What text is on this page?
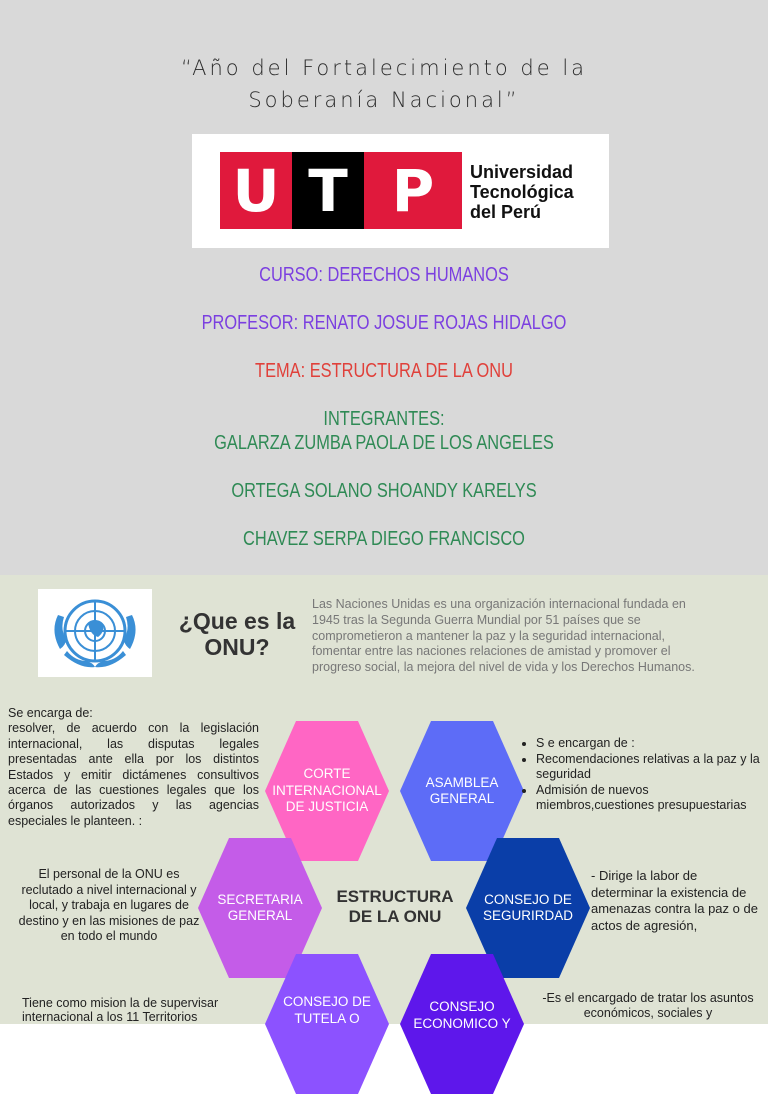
“Año del Fortalecimiento de la Soberanía Nacional”
U T P	Universidad
Tecnológica
del Perú
CURSO: DERECHOS HUMANOS
PROFESOR: RENATO JOSUE ROJAS HIDALGO
TEMA: ESTRUCTURA DE LA ONU
INTEGRANTES:
GALARZA ZUMBA PAOLA DE LOS ANGELES
ORTEGA SOLANO SHOANDY KARELYS
CHAVEZ SERPA DIEGO FRANCISCO
¿Que es la ONU?
Las Naciones Unidas es una organización internacional fundada en 1945 tras la Segunda Guerra Mundial por 51 países que se comprometieron a mantener la paz y la seguridad internacional, fomentar entre las naciones relaciones de amistad y promover el progreso social, la mejora del nivel de vida y los Derechos Humanos.
Se encarga de:
resolver, de acuerdo con la legislación internacional, las disputas legales presentadas ante ella por los distintos Estados y emitir dictámenes consultivos acerca de las cuestiones legales que los órganos autorizados y las agencias especiales le planteen. :
CORTE INTERNACIONAL DE JUSTICIA
ASAMBLEA GENERAL
SECRETARIA GENERAL
CONSEJO DE SEGURIRDAD
CONSEJO DE TUTELA O
CONSEJO ECONOMICO Y
ESTRUCTURA DE LA ONU
• S e encargan de :
• Recomendaciones relativas a la paz y la seguridad
• Admisión de nuevos miembros,cuestiones presupuestarias
El personal de la ONU es reclutado a nivel internacional y local, y trabaja en lugares de destino y en las misiones de paz en todo el mundo
- Dirige la labor de determinar la existencia de amenazas contra la paz o de actos de agresión,
Tiene como mision la de supervisar internacional a los 11 Territorios
-Es el encargado de tratar los asuntos económicos, sociales y
